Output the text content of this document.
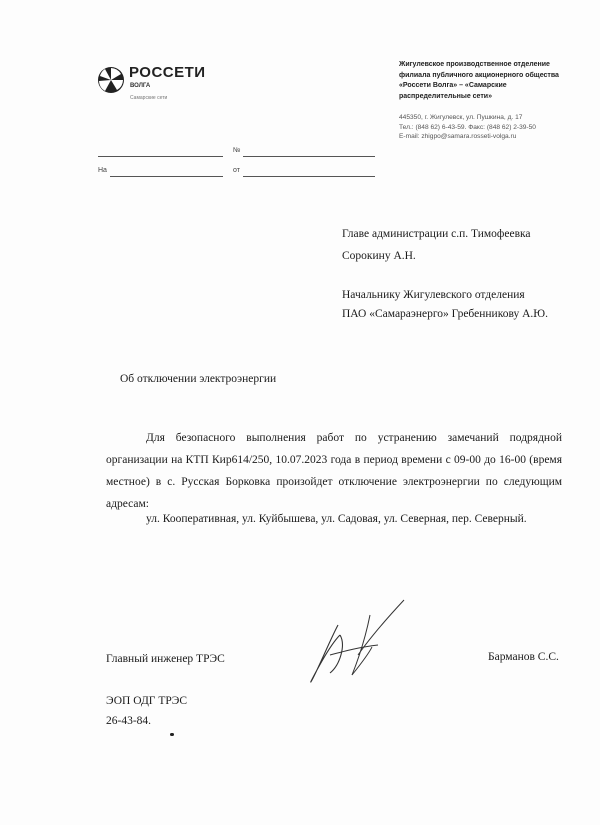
РОССЕТИ
ВОЛГА
Самарские сети
Жигулевское производственное отделение
филиала публичного акционерного общества
«Россети Волга» – «Самарские
распределительные сети»
445350, г. Жигулевск, ул. Пушкина, д. 17
Тел.: (848 62) 6-43-59. Факс: (848 62) 2-39-50
E-mail: zhigpo@samara.rosseti-volga.ru
№
На	от
Главе администрации с.п. Тимофеевка
Сорокину А.Н.
Начальнику Жигулевского отделения
ПАО «Самараэнерго» Гребенникову А.Ю.
Об отключении электроэнергии
Для безопасного выполнения работ по устранению замечаний подрядной организации на КТП Кир614/250, 10.07.2023 года в период времени с 09-00 до 16-00 (время местное) в с. Русская Борковка произойдет отключение электроэнергии по следующим адресам:
ул. Кооперативная, ул. Куйбышева, ул. Садовая, ул. Северная, пер. Северный.
Главный инженер ТРЭС	Барманов С.С.
ЭОП ОДГ ТРЭС
26-43-84.
